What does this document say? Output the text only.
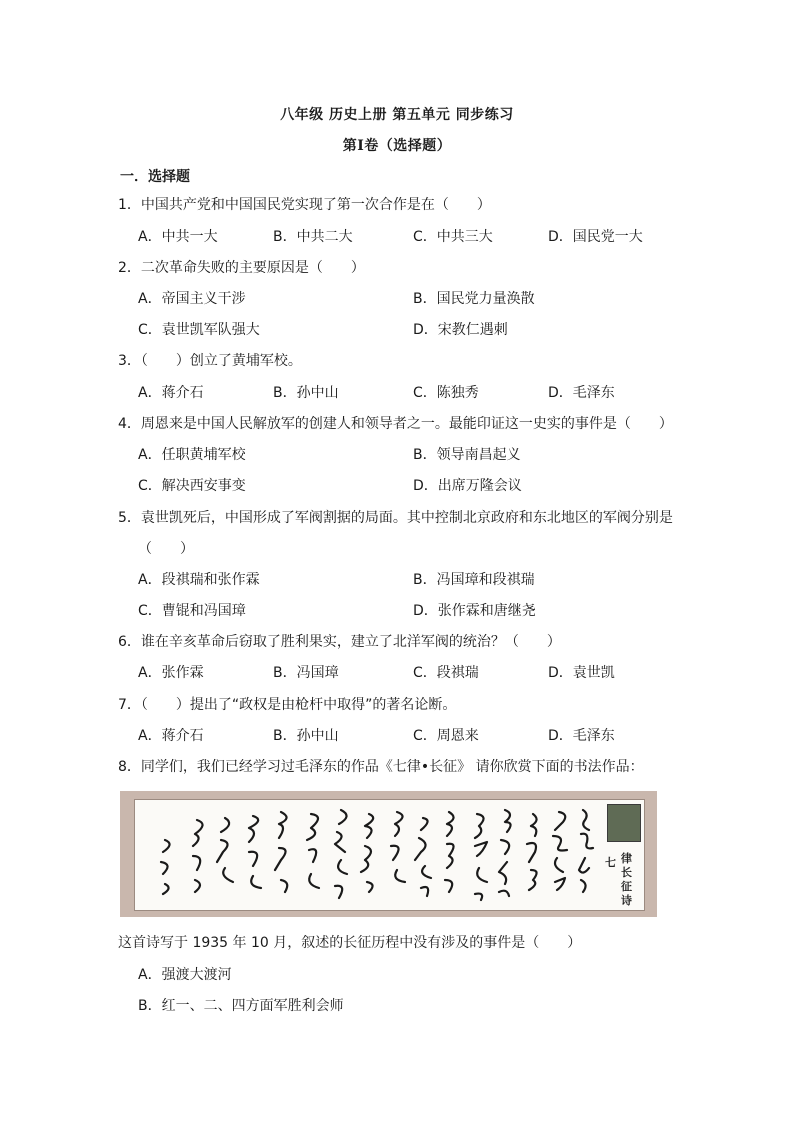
八年级 历史上册 第五单元 同步练习
第Ⅰ卷（选择题）
一．选择题
1．中国共产党和中国国民党实现了第一次合作是在（　　）
A．中共一大	B．中共二大	C．中共三大	D．国民党一大
2．二次革命失败的主要原因是（　　）
A．帝国主义干涉	B．国民党力量涣散
C．袁世凯军队强大	D．宋教仁遇刺
3．（　　）创立了黄埔军校。
A．蒋介石	B．孙中山	C．陈独秀	D．毛泽东
4．周恩来是中国人民解放军的创建人和领导者之一。最能印证这一史实的事件是（　　）
A．任职黄埔军校	B．领导南昌起义
C．解决西安事变	D．出席万隆会议
5．袁世凯死后，中国形成了军阀割据的局面。其中控制北京政府和东北地区的军阀分别是
（　　）
A．段祺瑞和张作霖	B．冯国璋和段祺瑞
C．曹锟和冯国璋	D．张作霖和唐继尧
6．谁在辛亥革命后窃取了胜利果实，建立了北洋军阀的统治？（　　）
A．张作霖	B．冯国璋	C．段祺瑞	D．袁世凯
7．（　　）提出了“政权是由枪杆中取得”的著名论断。
A．蒋介石	B．孙中山	C．周恩来	D．毛泽东
8．同学们，我们已经学习过毛泽东的作品《七律•长征》 请你欣赏下面的书法作品：
七 律
长
征
诗
这首诗写于 1935 年 10 月，叙述的长征历程中没有涉及的事件是（　　）
A．强渡大渡河
B．红一、二、四方面军胜利会师
